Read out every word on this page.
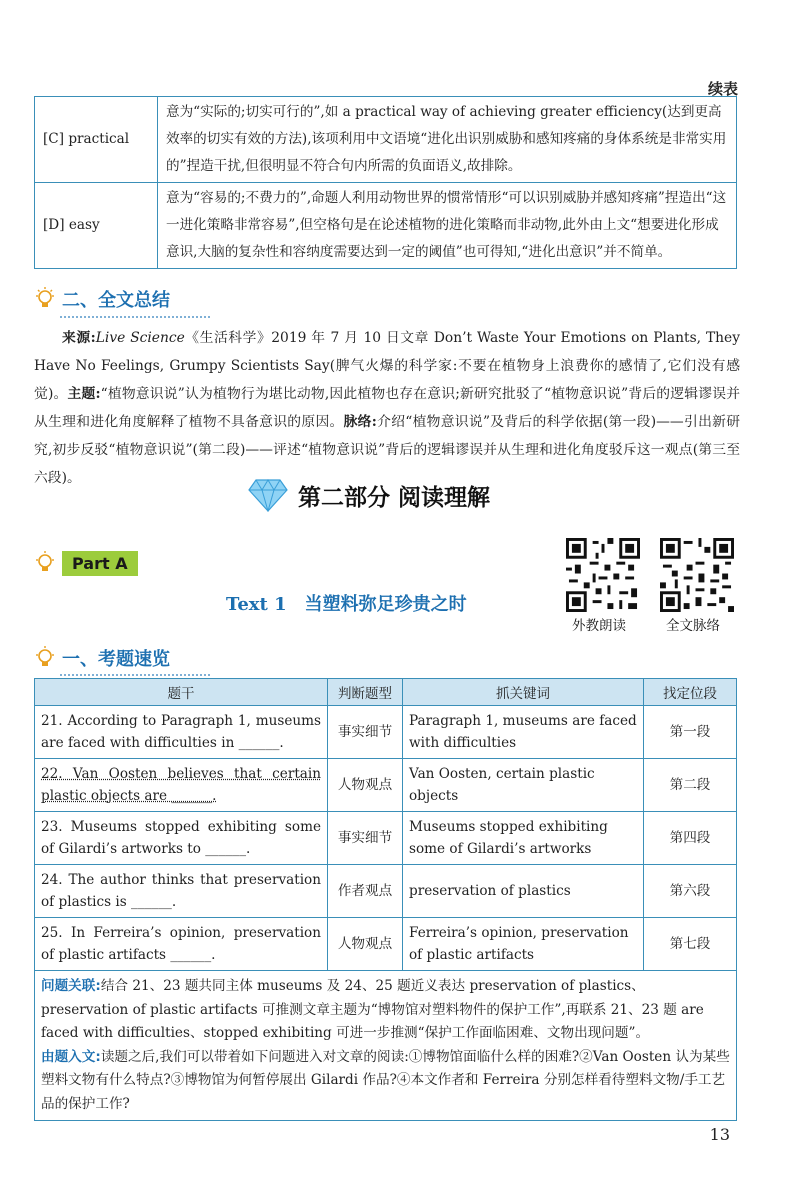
续表
[C] practical	意为“实际的;切实可行的”,如 a practical way of achieving greater efficiency(达到更高效率的切实有效的方法),该项利用中文语境“进化出识别威胁和感知疼痛的身体系统是非常实用的”捏造干扰,但很明显不符合句内所需的负面语义,故排除。
[D] easy	意为“容易的;不费力的”,命题人利用动物世界的惯常情形“可以识别威胁并感知疼痛”捏造出“这一进化策略非常容易”,但空格句是在论述植物的进化策略而非动物,此外由上文“想要进化形成意识,大脑的复杂性和容纳度需要达到一定的阈值”也可得知,“进化出意识”并不简单。
二、全文总结
来源:Live Science《生活科学》2019 年 7 月 10 日文章 Don’t Waste Your Emotions on Plants, They Have No Feelings, Grumpy Scientists Say(脾气火爆的科学家:不要在植物身上浪费你的感情了,它们没有感觉)。主题:“植物意识说”认为植物行为堪比动物,因此植物也存在意识;新研究批驳了“植物意识说”背后的逻辑谬误并从生理和进化角度解释了植物不具备意识的原因。脉络:介绍“植物意识说”及背后的科学依据(第一段)——引出新研究,初步反驳“植物意识说”(第二段)——评述“植物意识说”背后的逻辑谬误并从生理和进化角度驳斥这一观点(第三至六段)。
第二部分 阅读理解
Part A
Text 1 当塑料弥足珍贵之时
外教朗读	全文脉络
一、考题速览
题干	判断题型	抓关键词	找定位段
21. According to Paragraph 1, museums are faced with difficulties in ______.	事实细节	Paragraph 1, museums are faced with difficulties	第一段
22. Van Oosten believes that certain plastic objects are ______.	人物观点	Van Oosten, certain plastic objects	第二段
23. Museums stopped exhibiting some of Gilardi’s artworks to ______.	事实细节	Museums stopped exhibiting some of Gilardi’s artworks	第四段
24. The author thinks that preservation of plastics is ______.	作者观点	preservation of plastics	第六段
25. In Ferreira’s opinion, preservation of plastic artifacts ______.	人物观点	Ferreira’s opinion, preservation of plastic artifacts	第七段
问题关联:结合 21、23 题共同主体 museums 及 24、25 题近义表达 preservation of plastics、preservation of plastic artifacts 可推测文章主题为“博物馆对塑料物件的保护工作”,再联系 21、23 题 are faced with difficulties、stopped exhibiting 可进一步推测“保护工作面临困难、文物出现问题”。
由题入文:读题之后,我们可以带着如下问题进入对文章的阅读:①博物馆面临什么样的困难?②Van Oosten 认为某些塑料文物有什么特点?③博物馆为何暂停展出 Gilardi 作品?④本文作者和 Ferreira 分别怎样看待塑料文物/手工艺品的保护工作?			
13
